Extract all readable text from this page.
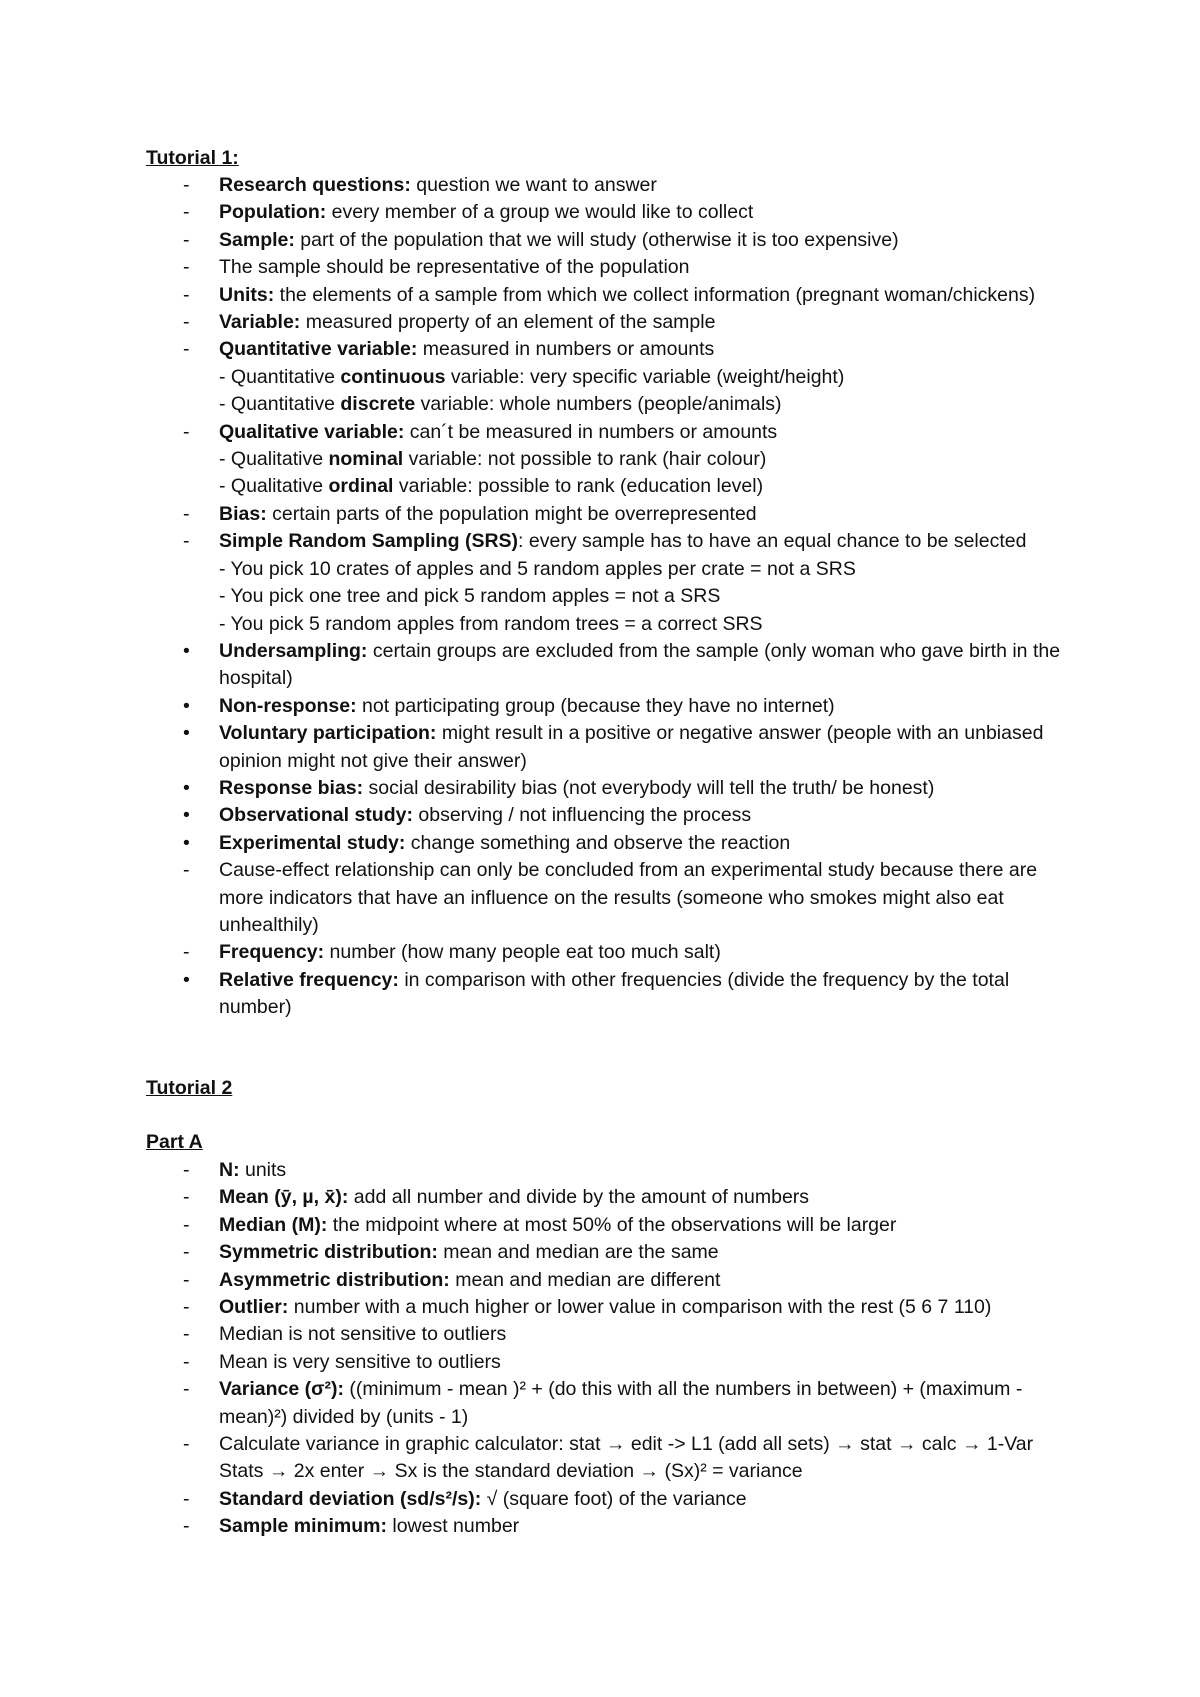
Tutorial 1:
- Research questions: question we want to answer
- Population: every member of a group we would like to collect
- Sample: part of the population that we will study (otherwise it is too expensive)
- The sample should be representative of the population
- Units: the elements of a sample from which we collect information (pregnant woman/chickens)
- Variable: measured property of an element of the sample
- Quantitative variable: measured in numbers or amounts
- Quantitative continuous variable: very specific variable (weight/height)
- Quantitative discrete variable: whole numbers (people/animals)
- Qualitative variable: can´t be measured in numbers or amounts
- Qualitative nominal variable: not possible to rank (hair colour)
- Qualitative ordinal variable: possible to rank (education level)
- Bias: certain parts of the population might be overrepresented
- Simple Random Sampling (SRS): every sample has to have an equal chance to be selected
- You pick 10 crates of apples and 5 random apples per crate = not a SRS
- You pick one tree and pick 5 random apples = not a SRS
- You pick 5 random apples from random trees = a correct SRS
• Undersampling: certain groups are excluded from the sample (only woman who gave birth in the hospital)
• Non-response: not participating group (because they have no internet)
• Voluntary participation: might result in a positive or negative answer (people with an unbiased opinion might not give their answer)
• Response bias: social desirability bias (not everybody will tell the truth/ be honest)
• Observational study: observing / not influencing the process
• Experimental study: change something and observe the reaction
- Cause-effect relationship can only be concluded from an experimental study because there are more indicators that have an influence on the results (someone who smokes might also eat unhealthily)
- Frequency: number (how many people eat too much salt)
• Relative frequency: in comparison with other frequencies (divide the frequency by the total number)
Tutorial 2
Part A
- N: units
- Mean (ȳ, µ, x̄): add all number and divide by the amount of numbers
- Median (M): the midpoint where at most 50% of the observations will be larger
- Symmetric distribution: mean and median are the same
- Asymmetric distribution: mean and median are different
- Outlier: number with a much higher or lower value in comparison with the rest (5 6 7 110)
- Median is not sensitive to outliers
- Mean is very sensitive to outliers
- Variance (σ²): ((minimum - mean )² + (do this with all the numbers in between) + (maximum - mean)²) divided by (units - 1)
- Calculate variance in graphic calculator: stat → edit -> L1 (add all sets) → stat → calc → 1-Var Stats → 2x enter → Sx is the standard deviation → (Sx)² = variance
- Standard deviation (sd/s²/s): √ (square foot) of the variance
- Sample minimum: lowest number
